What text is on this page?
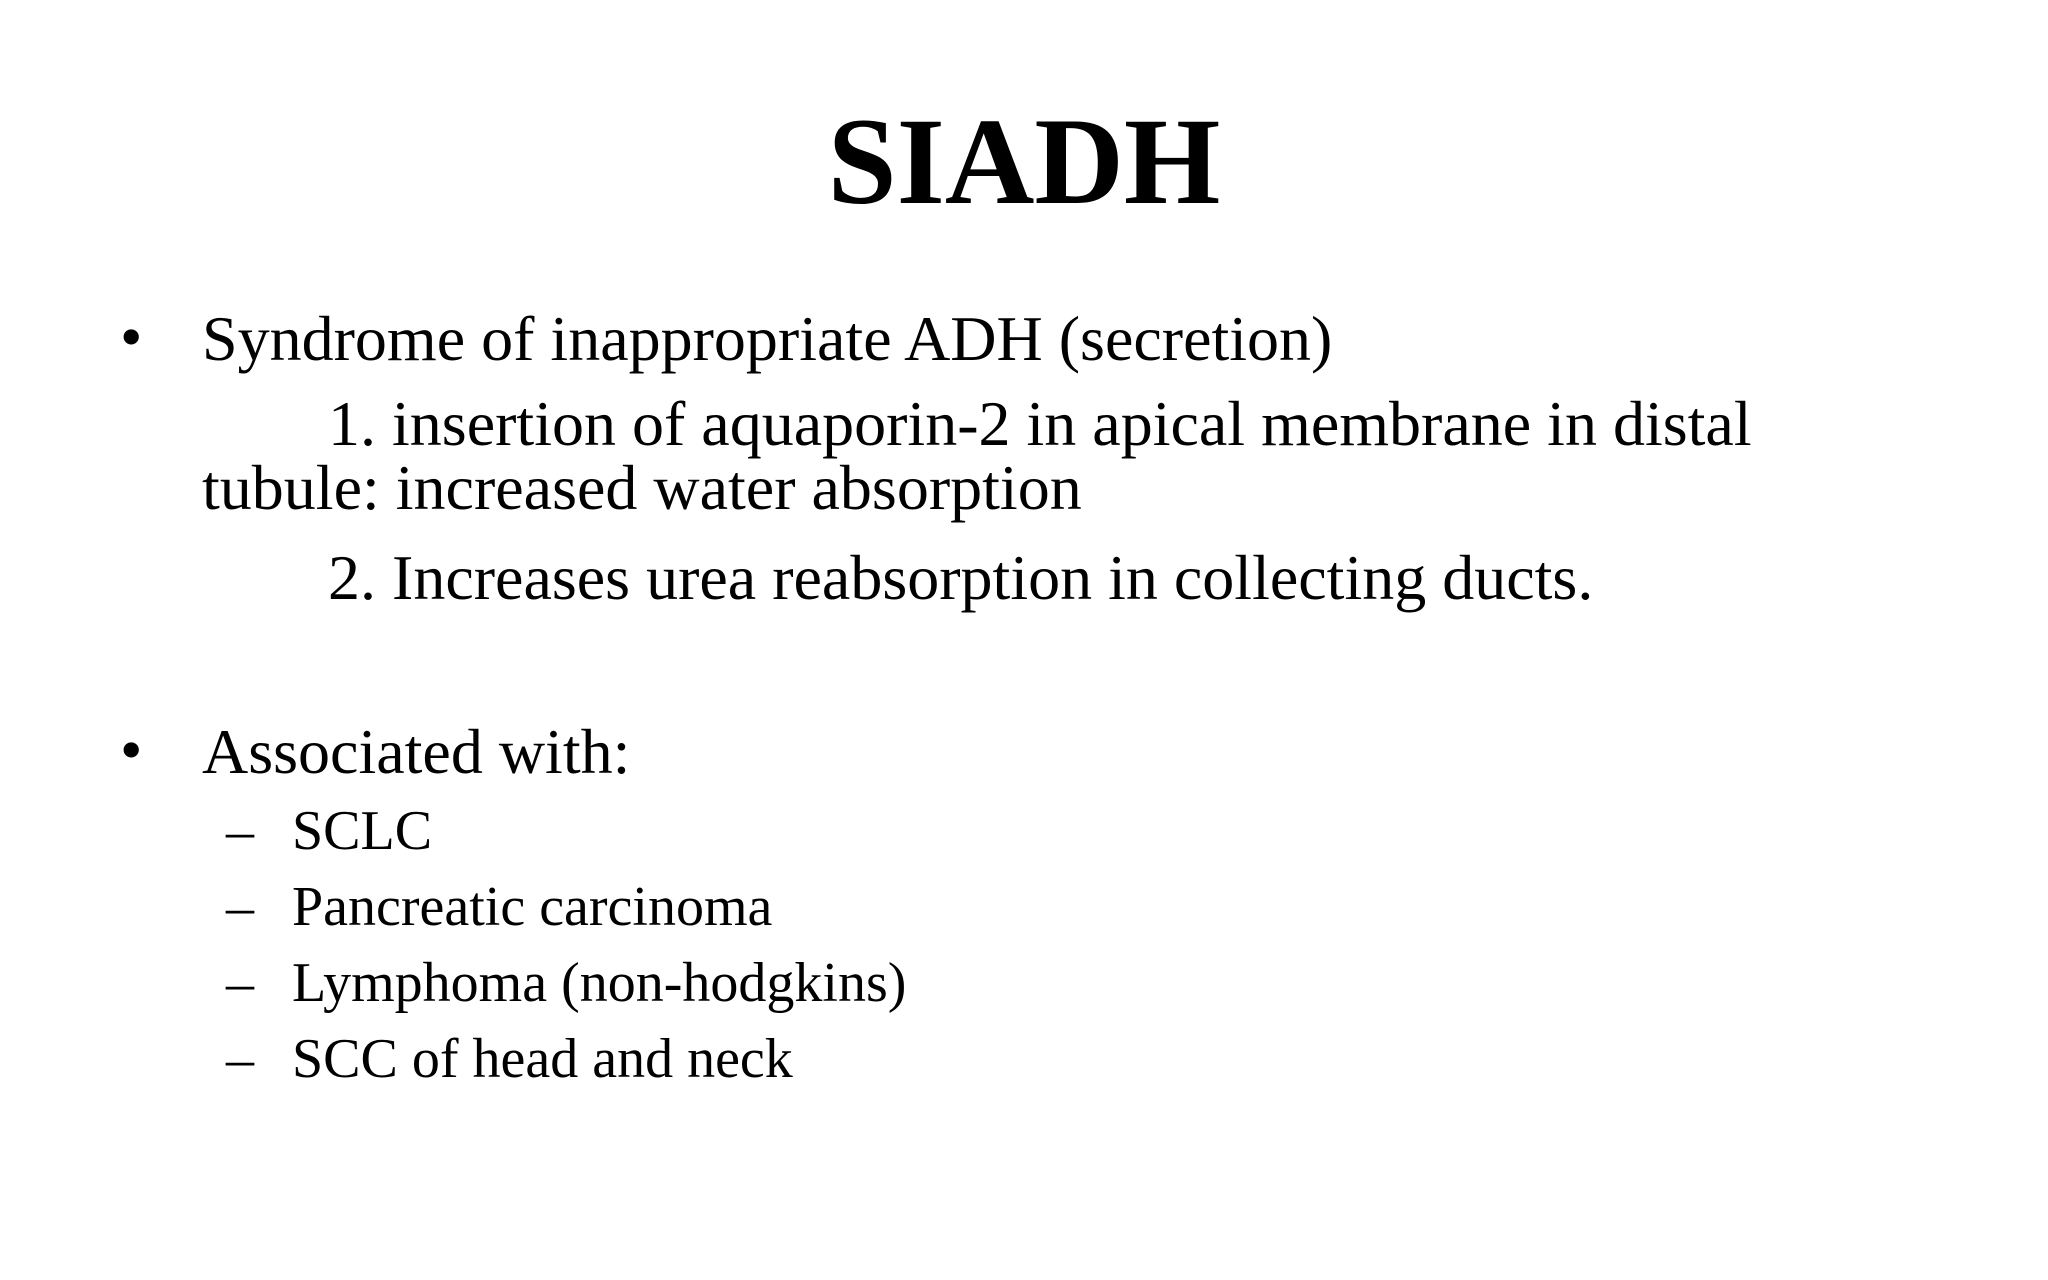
SIADH
• Syndrome of inappropriate ADH (secretion)
1. insertion of aquaporin-2 in apical membrane in distal tubule: increased water absorption
2. Increases urea reabsorption in collecting ducts.
• Associated with:
– SCLC
– Pancreatic carcinoma
– Lymphoma (non-hodgkins)
– SCC of head and neck
